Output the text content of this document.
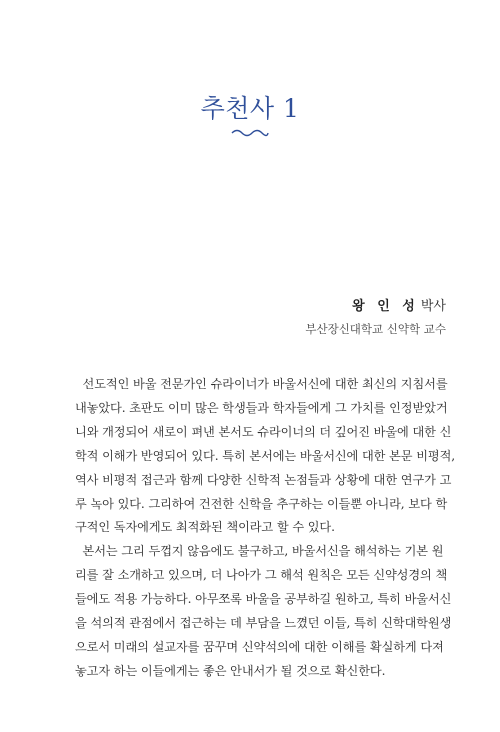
추천사 1
왕 인 성 박사
부산장신대학교 신약학 교수
선도적인 바울 전문가인 슈라이너가 바울서신에 대한 최신의 지침서를
내놓았다. 초판도 이미 많은 학생들과 학자들에게 그 가치를 인정받았거
니와 개정되어 새로이 펴낸 본서도 슈라이너의 더 깊어진 바울에 대한 신
학적 이해가 반영되어 있다. 특히 본서에는 바울서신에 대한 본문 비평적,
역사 비평적 접근과 함께 다양한 신학적 논점들과 상황에 대한 연구가 고
루 녹아 있다. 그리하여 건전한 신학을 추구하는 이들뿐 아니라, 보다 학
구적인 독자에게도 최적화된 책이라고 할 수 있다.
본서는 그리 두껍지 않음에도 불구하고, 바울서신을 해석하는 기본 원
리를 잘 소개하고 있으며, 더 나아가 그 해석 원칙은 모든 신약성경의 책
들에도 적용 가능하다. 아무쪼록 바울을 공부하길 원하고, 특히 바울서신
을 석의적 관점에서 접근하는 데 부담을 느꼈던 이들, 특히 신학대학원생
으로서 미래의 설교자를 꿈꾸며 신약석의에 대한 이해를 확실하게 다져
놓고자 하는 이들에게는 좋은 안내서가 될 것으로 확신한다.
